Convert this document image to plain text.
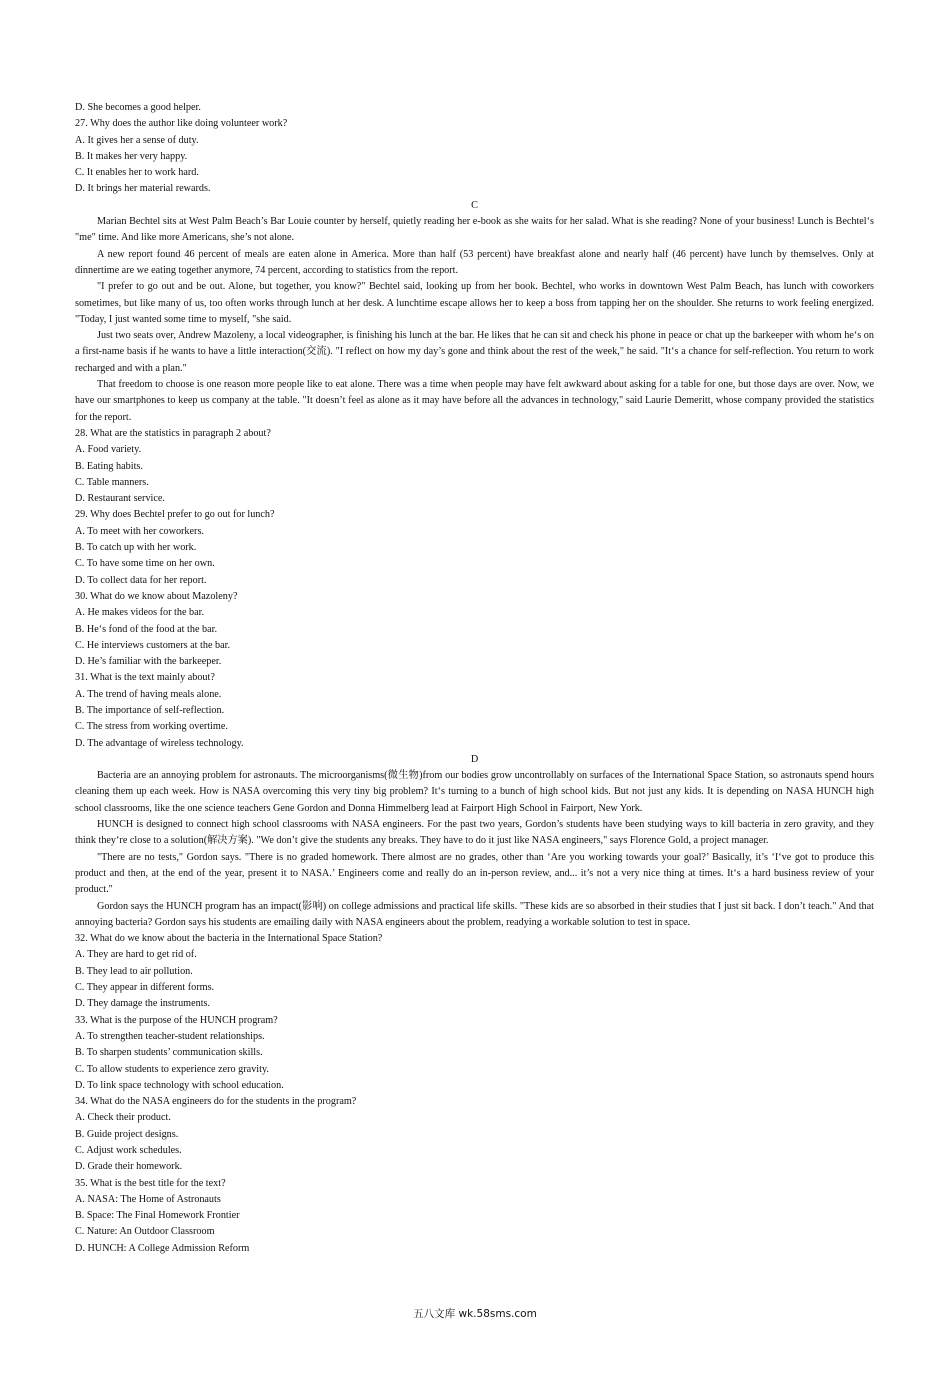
D. She becomes a good helper.

27. Why does the author like doing volunteer work?

A. It gives her a sense of duty.

B. It makes her very happy.

C. It enables her to work hard.

D. It brings her material rewards.

C

Marian Bechtel sits at West Palm Beach’s Bar Louie counter by herself, quietly reading her e-book as she waits for her salad. What is she reading? None of your business! Lunch is Bechtel‘s "me" time. And like more Americans, she’s not alone.

A new report found 46 percent of meals are eaten alone in America. More than half (53 percent) have breakfast alone and nearly half (46 percent) have lunch by themselves. Only at dinnertime are we eating together anymore, 74 percent, according to statistics from the report.

"I prefer to go out and be out. Alone, but together, you know?" Bechtel said, looking up from her book. Bechtel, who works in downtown West Palm Beach, has lunch with coworkers sometimes, but like many of us, too often works through lunch at her desk. A lunchtime escape allows her to keep a boss from tapping her on the shoulder. She returns to work feeling energized. "Today, I just wanted some time to myself, "she said.

Just two seats over, Andrew Mazoleny, a local videographer, is finishing his lunch at the bar. He likes that he can sit and check his phone in peace or chat up the barkeeper with whom he‘s on a first-name basis if he wants to have a little interaction(交流). "I reflect on how my day’s gone and think about the rest of the week," he said. "It‘s a chance for self-reflection. You return to work recharged and with a plan."

That freedom to choose is one reason more people like to eat alone. There was a time when people may have felt awkward about asking for a table for one, but those days are over. Now, we have our smartphones to keep us company at the table. "It doesn’t feel as alone as it may have before all the advances in technology," said Laurie Demeritt, whose company provided the statistics for the report.

28. What are the statistics in paragraph 2 about?

A. Food variety.

B. Eating habits.

C. Table manners.

D. Restaurant service.

29. Why does Bechtel prefer to go out for lunch?

A. To meet with her coworkers.

B. To catch up with her work.

C. To have some time on her own.

D. To collect data for her report.

30. What do we know about Mazoleny?

A. He makes videos for the bar.

B. He‘s fond of the food at the bar.

C. He interviews customers at the bar.

D. He’s familiar with the barkeeper.

31. What is the text mainly about?

A. The trend of having meals alone.

B. The importance of self-reflection.

C. The stress from working overtime.

D. The advantage of wireless technology.

D

Bacteria are an annoying problem for astronauts. The microorganisms(微生物)from our bodies grow uncontrollably on surfaces of the International Space Station, so astronauts spend hours cleaning them up each week. How is NASA overcoming this very tiny big problem? It‘s turning to a bunch of high school kids. But not just any kids. It is depending on NASA HUNCH high school classrooms, like the one science teachers Gene Gordon and Donna Himmelberg lead at Fairport High School in Fairport, New York.

HUNCH is designed to connect high school classrooms with NASA engineers. For the past two years, Gordon’s students have been studying ways to kill bacteria in zero gravity, and they think they‘re close to a solution(解决方案). "We don’t give the students any breaks. They have to do it just like NASA engineers," says Florence Gold, a project manager.

"There are no tests," Gordon says. "There is no graded homework. There almost are no grades, other than ‘Are you working towards your goal?’ Basically, it’s ‘I‘ve got to produce this product and then, at the end of the year, present it to NASA.’ Engineers come and really do an in-person review, and... it’s not a very nice thing at times. It‘s a hard business review of your product."

Gordon says the HUNCH program has an impact(影响) on college admissions and practical life skills. "These kids are so absorbed in their studies that I just sit back. I don’t teach." And that annoying bacteria? Gordon says his students are emailing daily with NASA engineers about the problem, readying a workable solution to test in space.

32. What do we know about the bacteria in the International Space Station?

A. They are hard to get rid of.

B. They lead to air pollution.

C. They appear in different forms.

D. They damage the instruments.

33. What is the purpose of the HUNCH program?

A. To strengthen teacher-student relationships.

B. To sharpen students’ communication skills.

C. To allow students to experience zero gravity.

D. To link space technology with school education.

34. What do the NASA engineers do for the students in the program?

A. Check their product.

B. Guide project designs.

C. Adjust work schedules.

D. Grade their homework.

35. What is the best title for the text?

A. NASA: The Home of Astronauts

B. Space: The Final Homework Frontier

C. Nature: An Outdoor Classroom

D. HUNCH: A College Admission Reform

五八文库 wk.58sms.com
